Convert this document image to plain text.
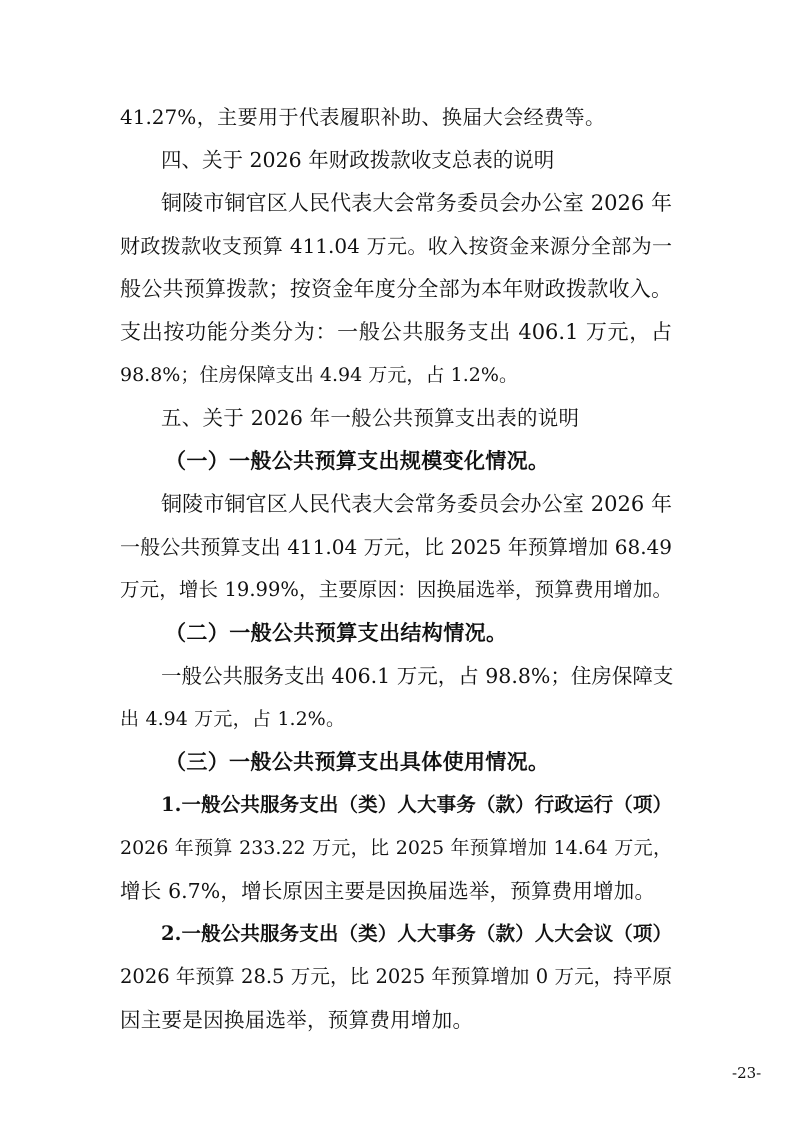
41.27%，主要用于代表履职补助、换届大会经费等。
四、关于 2026 年财政拨款收支总表的说明
铜陵市铜官区人民代表大会常务委员会办公室 2026 年
财政拨款收支预算 411.04 万元。收入按资金来源分全部为一
般公共预算拨款；按资金年度分全部为本年财政拨款收入。
支出按功能分类分为：一般公共服务支出 406.1 万元，占
98.8%；住房保障支出 4.94 万元，占 1.2%。
五、关于 2026 年一般公共预算支出表的说明
（一）一般公共预算支出规模变化情况。
铜陵市铜官区人民代表大会常务委员会办公室 2026 年
一般公共预算支出 411.04 万元，比 2025 年预算增加 68.49
万元，增长 19.99%，主要原因：因换届选举，预算费用增加。
（二）一般公共预算支出结构情况。
一般公共服务支出 406.1 万元，占 98.8%；住房保障支
出 4.94 万元，占 1.2%。
（三）一般公共预算支出具体使用情况。
1.一般公共服务支出（类）人大事务（款）行政运行（项）
2026 年预算 233.22 万元，比 2025 年预算增加 14.64 万元，
增长 6.7%，增长原因主要是因换届选举，预算费用增加。
2.一般公共服务支出（类）人大事务（款）人大会议（项）
2026 年预算 28.5 万元，比 2025 年预算增加 0 万元，持平原
因主要是因换届选举，预算费用增加。
-23-
